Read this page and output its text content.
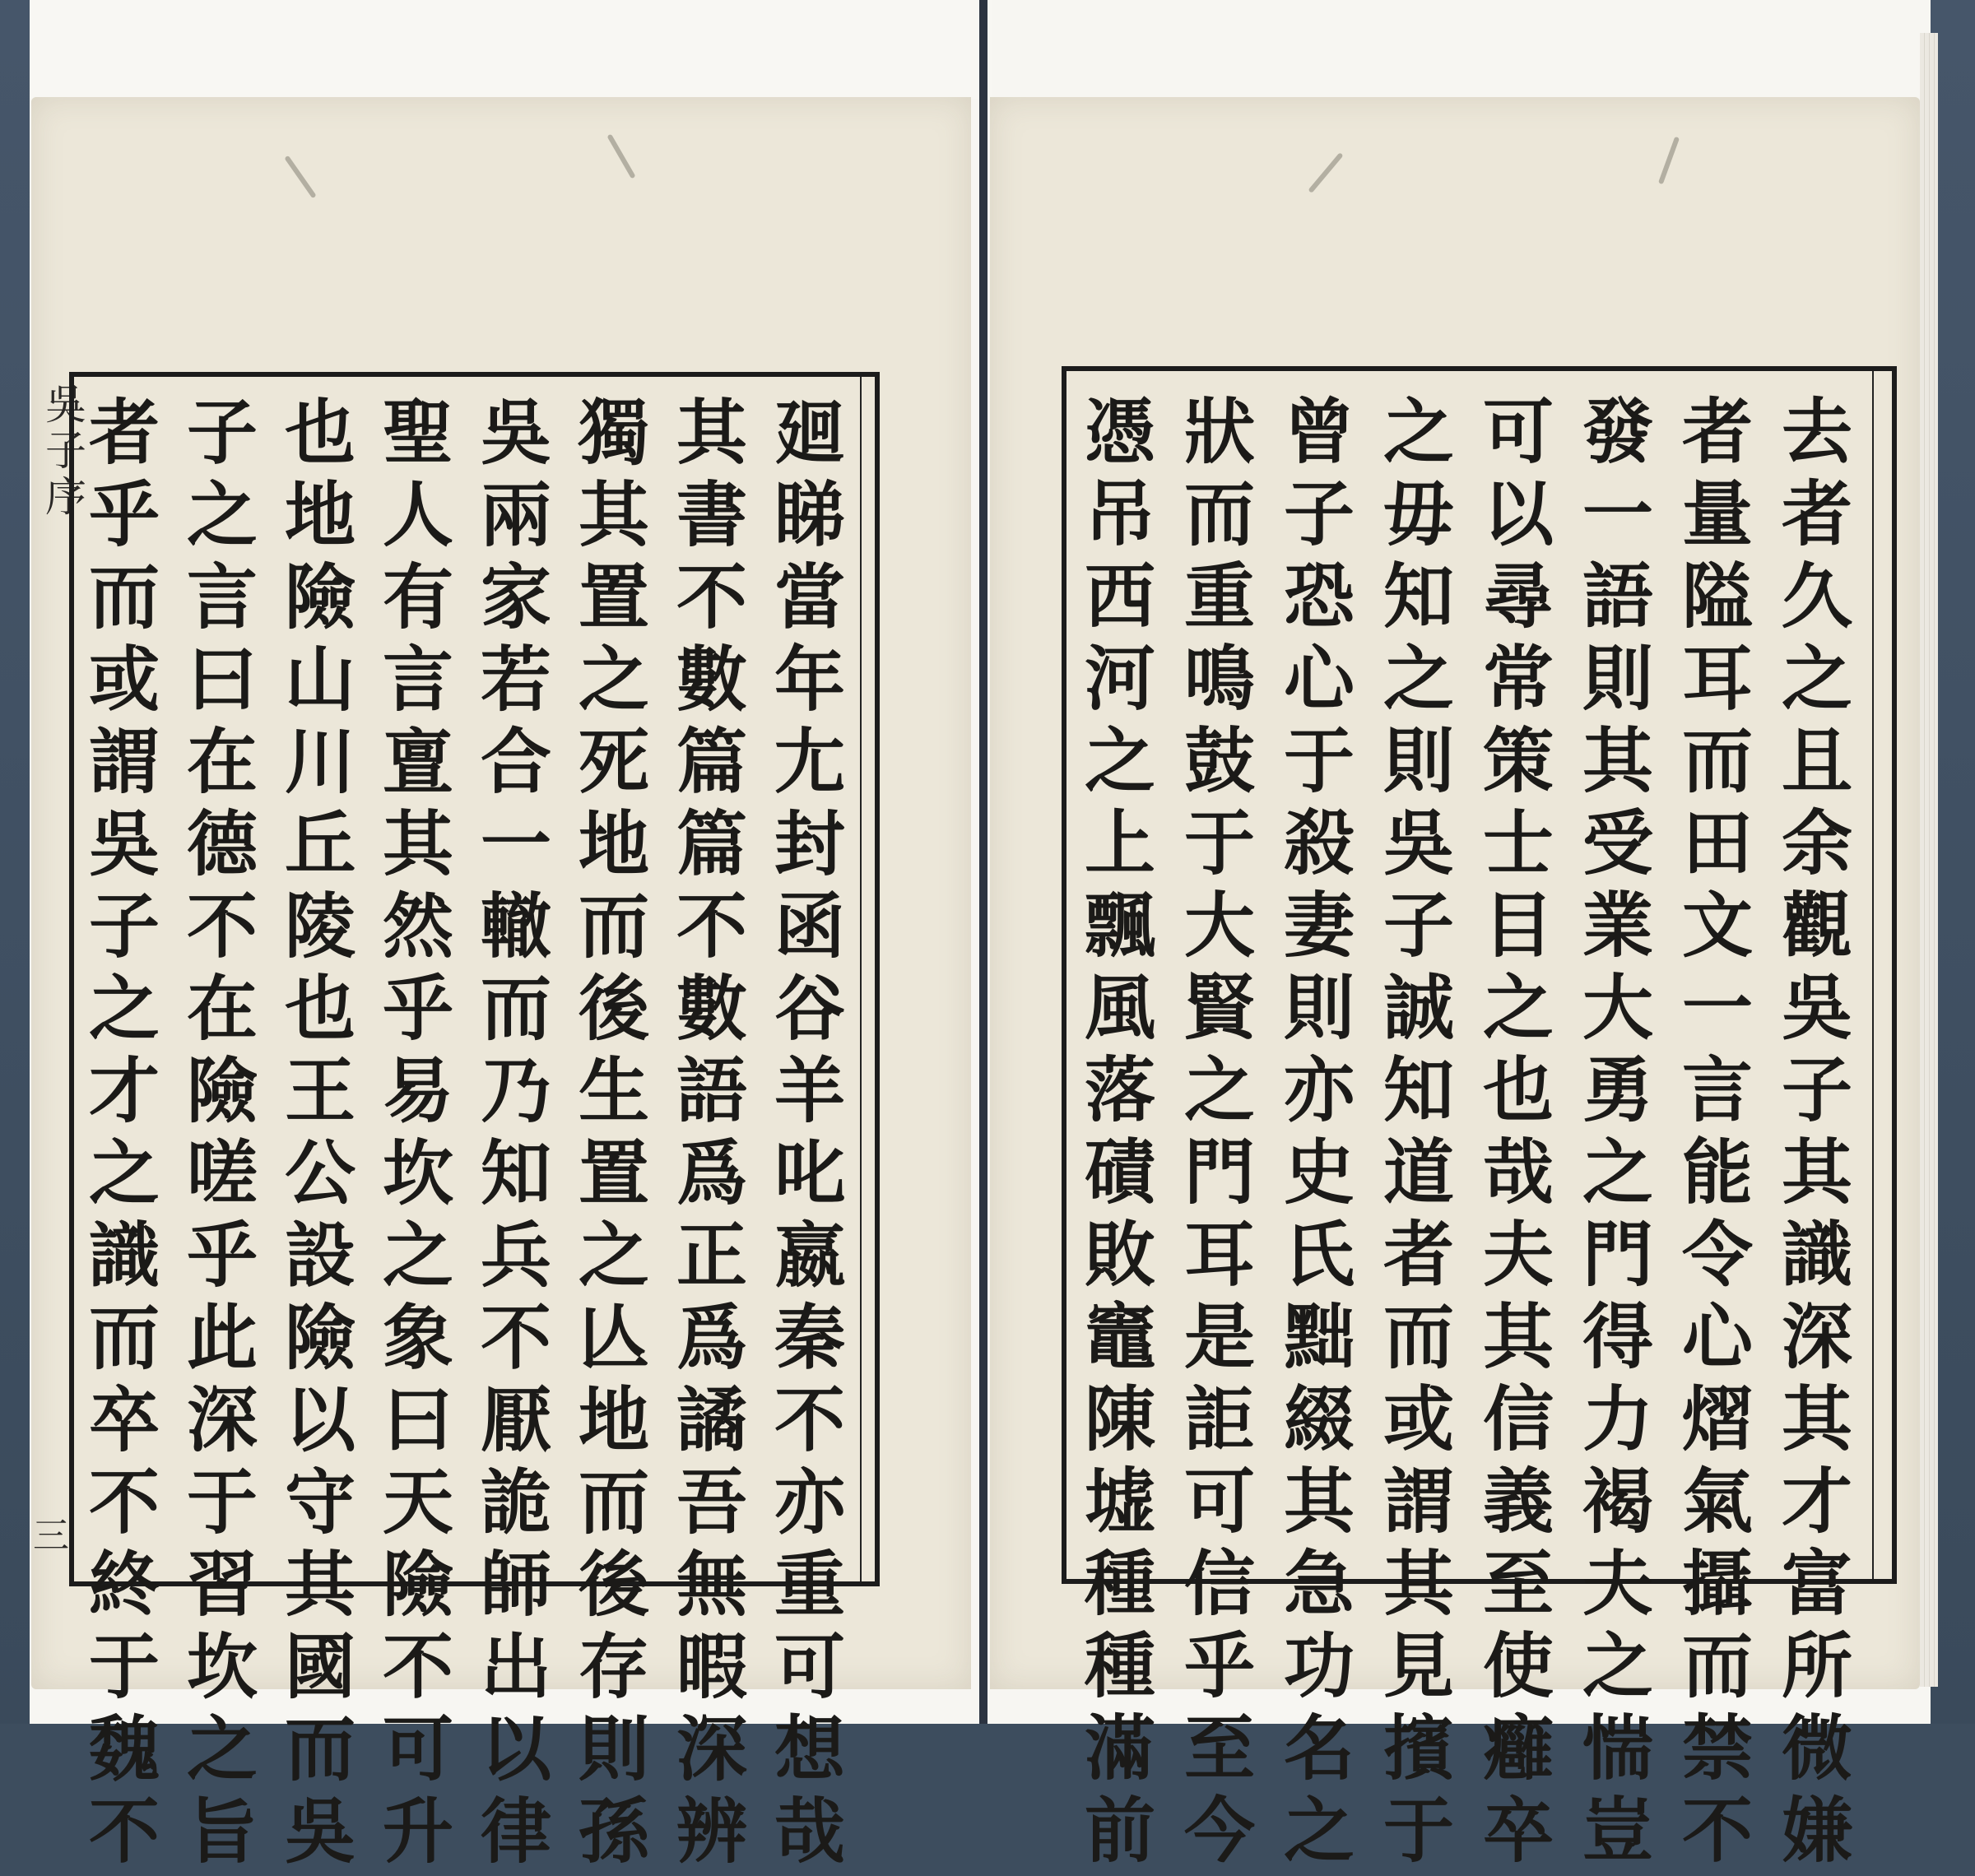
吳子序
三 者乎而或謂吳子之才之識而卒不終于魏不 子之言曰在德不在險嗟乎此深于習坎之旨 也地險山川丘陵也王公設險以守其國而吳 聖人有言亶其然乎易坎之象曰天險不可升 吳兩家若合一轍而乃知兵不厭詭師出以律 獨其置之死地而後生置之亾地而後存則孫 其書不數篇篇不數語爲正爲譎吾無暇深辨 廻睇當年尢封函谷羊叱嬴秦不亦重可想哉	憑吊西河之上飄風落磧敗竈陳墟種種滿前 狀而重鳴鼓于大賢之門耳是詎可信乎至今 曾子恐心于殺妻則亦史氏黜綴其急功名之 之毋知之則吳子誠知道者而或謂其見擯于 可以尋常策士目之也哉夫其信義至使癰卒 發一語則其受業大勇之門得力褐夫之惴豈 者量隘耳而田文一言能令心熠氣攝而禁不 去者久之且余觀吳子其識深其才富所微嫌
